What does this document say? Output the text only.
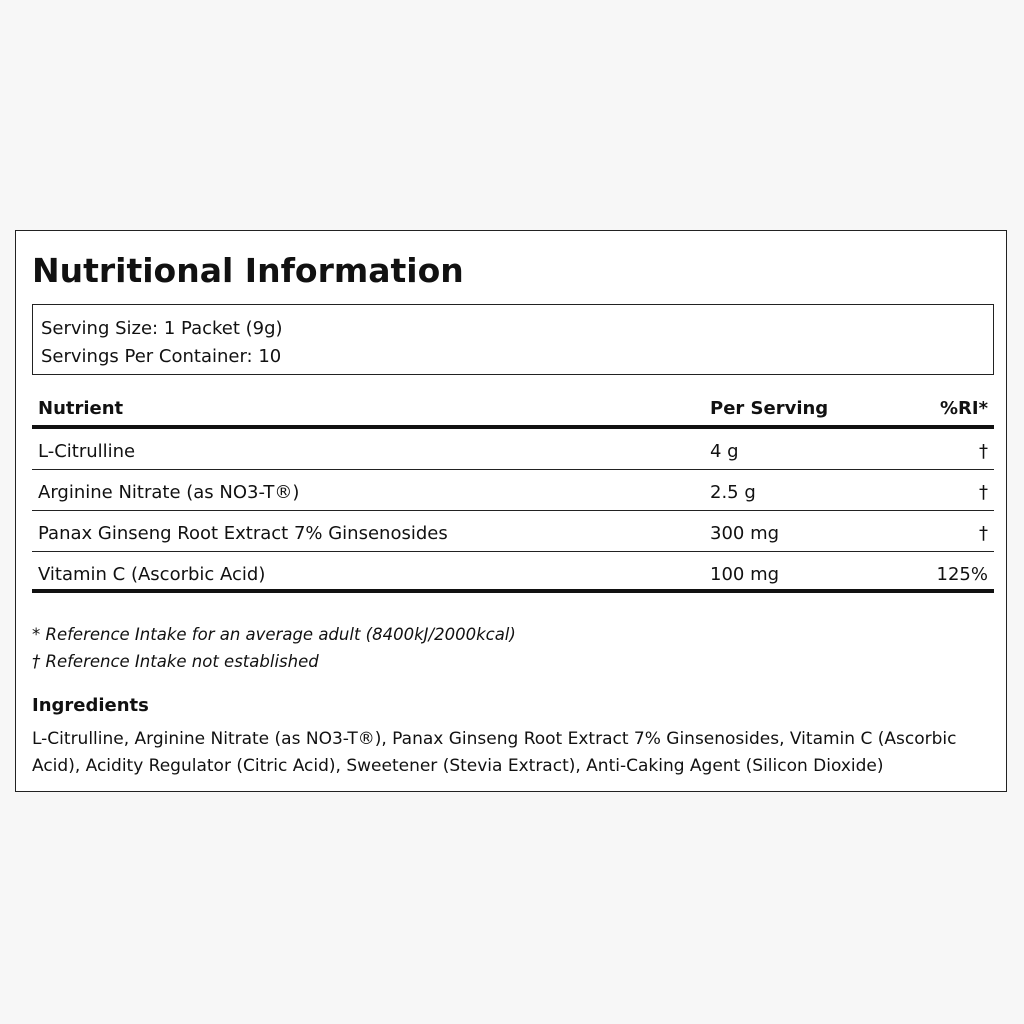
Nutritional Information
Serving Size: 1 Packet (9g)
Servings Per Container: 10
Nutrient	Per Serving	%RI*
L-Citrulline	4 g	†
Arginine Nitrate (as NO3-T®)	2.5 g	†
Panax Ginseng Root Extract 7% Ginsenosides	300 mg	†
Vitamin C (Ascorbic Acid)	100 mg	125%
* Reference Intake for an average adult (8400kJ/2000kcal)
† Reference Intake not established
Ingredients

L-Citrulline, Arginine Nitrate (as NO3-T®), Panax Ginseng Root Extract 7% Ginsenosides, Vitamin C (Ascorbic Acid), Acidity Regulator (Citric Acid), Sweetener (Stevia Extract), Anti-Caking Agent (Silicon Dioxide)
